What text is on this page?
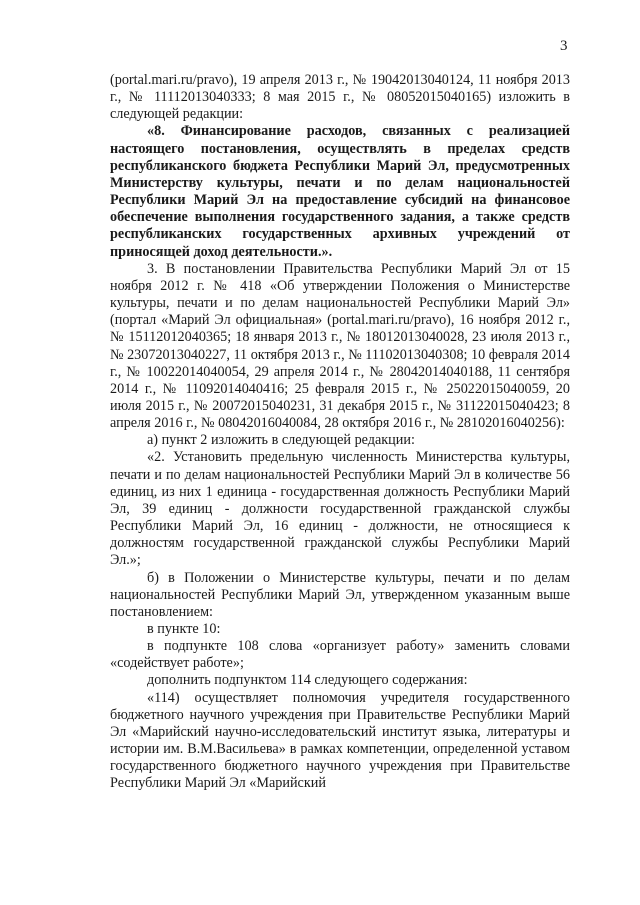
3

(portal.mari.ru/pravo), 19 апреля 2013 г., № 19042013040124, 11 ноября 2013 г., № 11112013040333; 8 мая 2015 г., № 08052015040165) изложить в следующей редакции:

«8. Финансирование расходов, связанных с реализацией настоящего постановления, осуществлять в пределах средств республиканского бюджета Республики Марий Эл, предусмотренных Министерству культуры, печати и по делам национальностей Республики Марий Эл на предоставление субсидий на финансовое обеспечение выполнения государственного задания, а также средств республиканских государственных архивных учреждений от приносящей доход деятельности.».

3. В постановлении Правительства Республики Марий Эл от 15 ноября 2012 г. № 418 «Об утверждении Положения о Министерстве культуры, печати и по делам национальностей Республики Марий Эл» (портал «Марий Эл официальная» (portal.mari.ru/pravo), 16 ноября 2012 г., № 15112012040365; 18 января 2013 г., № 18012013040028, 23 июля 2013 г., № 23072013040227, 11 октября 2013 г., № 11102013040308; 10 февраля 2014 г., № 10022014040054, 29 апреля 2014 г., № 28042014040188, 11 сентября 2014 г., № 11092014040416; 25 февраля 2015 г., № 25022015040059, 20 июля 2015 г., № 20072015040231, 31 декабря 2015 г., № 31122015040423; 8 апреля 2016 г., № 08042016040084, 28 октября 2016 г., № 28102016040256):

а) пункт 2 изложить в следующей редакции:

«2. Установить предельную численность Министерства культуры, печати и по делам национальностей Республики Марий Эл в количестве 56 единиц, из них 1 единица - государственная должность Республики Марий Эл, 39 единиц - должности государственной гражданской службы Республики Марий Эл, 16 единиц - должности, не относящиеся к должностям государственной гражданской службы Республики Марий Эл.»;

б) в Положении о Министерстве культуры, печати и по делам национальностей Республики Марий Эл, утвержденном указанным выше постановлением:

в пункте 10:

в подпункте 108 слова «организует работу» заменить словами «содействует работе»;

дополнить подпунктом 114 следующего содержания:

«114) осуществляет полномочия учредителя государственного бюджетного научного учреждения при Правительстве Республики Марий Эл «Марийский научно-исследовательский институт языка, литературы и истории им. В.М.Васильева» в рамках компетенции, определенной уставом государственного бюджетного научного учреждения при Правительстве Республики Марий Эл «Марийский
